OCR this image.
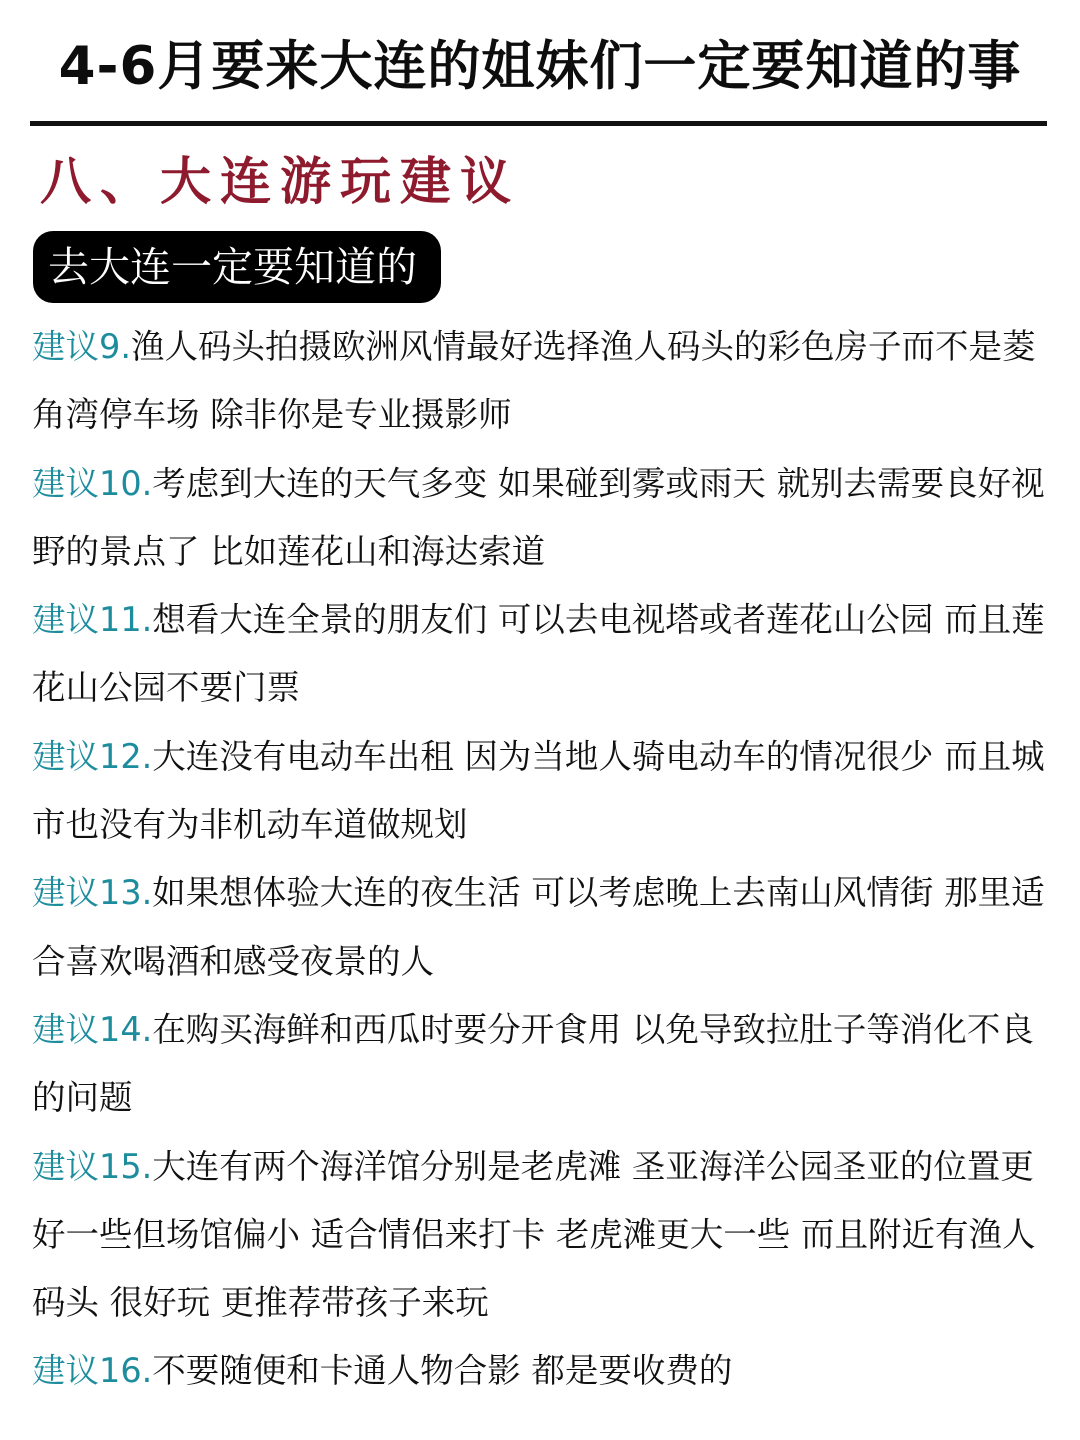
4-6月要来大连的姐妹们一定要知道的事
八、大连游玩建议
去大连一定要知道的
建议9.渔人码头拍摄欧洲风情最好选择渔人码头的彩色房子而不是菱角湾停车场 除非你是专业摄影师
建议10.考虑到大连的天气多变 如果碰到雾或雨天 就别去需要良好视野的景点了 比如莲花山和海达索道
建议11.想看大连全景的朋友们 可以去电视塔或者莲花山公园 而且莲花山公园不要门票
建议12.大连没有电动车出租 因为当地人骑电动车的情况很少 而且城市也没有为非机动车道做规划
建议13.如果想体验大连的夜生活 可以考虑晚上去南山风情街 那里适合喜欢喝酒和感受夜景的人
建议14.在购买海鲜和西瓜时要分开食用 以免导致拉肚子等消化不良的问题
建议15.大连有两个海洋馆分别是老虎滩 圣亚海洋公园圣亚的位置更好一些但场馆偏小 适合情侣来打卡 老虎滩更大一些 而且附近有渔人码头 很好玩 更推荐带孩子来玩
建议16.不要随便和卡通人物合影 都是要收费的
